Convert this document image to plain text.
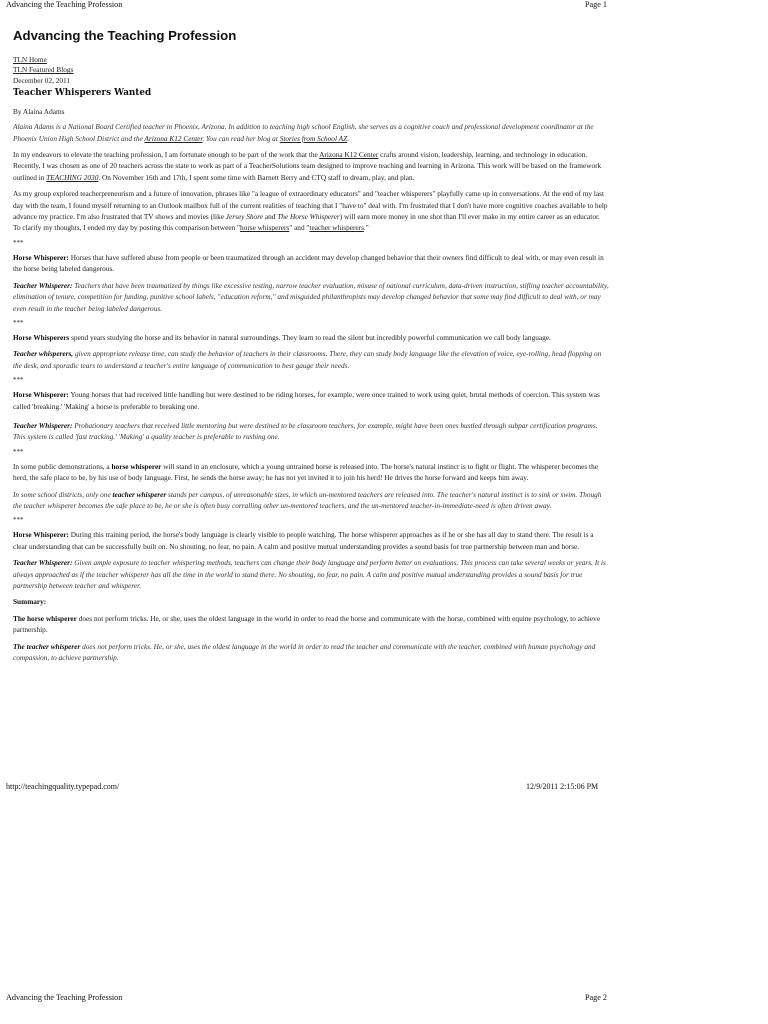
Advancing the Teaching Profession	Page 1
Advancing the Teaching Profession
TLN Home
TLN Featured Blogs
December 02, 2011
Teacher Whisperers Wanted
By Alaina Adams

Alaina Adams is a National Board Certified teacher in Phoenix, Arizona. In addition to teaching high school English, she serves as a cognitive coach and professional development coordinator at the Phoenix Union High School District and the Arizona K12 Center. You can read her blog at Stories from School AZ.

In my endeavors to elevate the teaching profession, I am fortunate enough to be part of the work that the Arizona K12 Center crafts around vision, leadership, learning, and technology in education. Recently, I was chosen as one of 20 teachers across the state to work as part of a TeacherSolutions team designed to improve teaching and learning in Arizona. This work will be based on the framework outlined in TEACHING 2030. On November 16th and 17th, I spent some time with Barnett Berry and CTQ staff to dream, play, and plan.

As my group explored teacherpreneurism and a future of innovation, phrases like "a league of extraordinary educators" and "teacher whisperers" playfully came up in conversations. At the end of my last day with the team, I found myself returning to an Outlook mailbox full of the current realities of teaching that I "have to" deal with. I'm frustrated that I don't have more cognitive coaches available to help advance my practice. I'm also frustrated that TV shows and movies (like Jersey Shore and The Horse Whisperer) will earn more money in one shot than I'll ever make in my entire career as an educator. To clarify my thoughts, I ended my day by posting this comparison between "horse whisperers" and "teacher whisperers."

***

Horse Whisperer: Horses that have suffered abuse from people or been traumatized through an accident may develop changed behavior that their owners find difficult to deal with, or may even result in the horse being labeled dangerous.

Teacher Whisperer: Teachers that have been traumatized by things like excessive testing, narrow teacher evaluation, misuse of national curriculum, data-driven instruction, stifling teacher accountability, elimination of tenure, competition for funding, punitive school labels, "education reform," and misguided philanthropists may develop changed behavior that some may find difficult to deal with, or may even result in the teacher being labeled dangerous.

***

Horse Whisperers spend years studying the horse and its behavior in natural surroundings. They learn to read the silent but incredibly powerful communication we call body language.

Teacher whisperers, given appropriate release time, can study the behavior of teachers in their classrooms. There, they can study body language like the elevation of voice, eye-rolling, head flopping on the desk, and sporadic tears to understand a teacher's entire language of communication to best gauge their needs.

***

Horse Whisperer: Young horses that had received little handling but were destined to be riding horses, for example, were once trained to work using quiet, brutal methods of coercion. This system was called 'breaking.' 'Making' a horse is preferable to breaking one.

Teacher Whisperer: Probationary teachers that received little mentoring but were destined to be classroom teachers, for example, might have been ones hustled through subpar certification programs. This system is called 'fast tracking.' 'Making' a quality teacher is preferable to rushing one.

***

In some public demonstrations, a horse whisperer will stand in an enclosure, which a young untrained horse is released into. The horse's natural instinct is to fight or flight. The whisperer becomes the herd, the safe place to be, by his use of body language. First, he sends the horse away; he has not yet invited it to join his herd! He drives the horse forward and keeps him away.

In some school districts, only one teacher whisperer stands per campus, of unreasonable sizes, in which un-mentored teachers are released into. The teacher's natural instinct is to sink or swim. Though the teacher whisperer becomes the safe place to be, he or she is often busy corralling other un-mentored teachers, and the un-mentored teacher-in-immediate-need is often driven away.

***

Horse Whisperer: During this training period, the horse's body language is clearly visible to people watching. The horse whisperer approaches as if he or she has all day to stand there. The result is a clear understanding that can be successfully built on. No shouting, no fear, no pain. A calm and positive mutual understanding provides a sound basis for true partnership between man and horse.

Teacher Whisperer: Given ample exposure to teacher whispering methods, teachers can change their body language and perform better on evaluations. This process can take several weeks or years. It is always approached as if the teacher whisperer has all the time in the world to stand there. No shouting, no fear, no pain. A calm and positive mutual understanding provides a sound basis for true partnership between teacher and whisperer.

Summary:

The horse whisperer does not perform tricks. He, or she, uses the oldest language in the world in order to read the horse and communicate with the horse, combined with equine psychology, to achieve partnership.

The teacher whisperer does not perform tricks. He, or she, uses the oldest language in the world in order to read the teacher and communicate with the teacher, combined with human psychology and compassion, to achieve partnership.

http://teachingquality.typepad.com/	12/9/2011 2:15:06 PM
Advancing the Teaching Profession	Page 2
